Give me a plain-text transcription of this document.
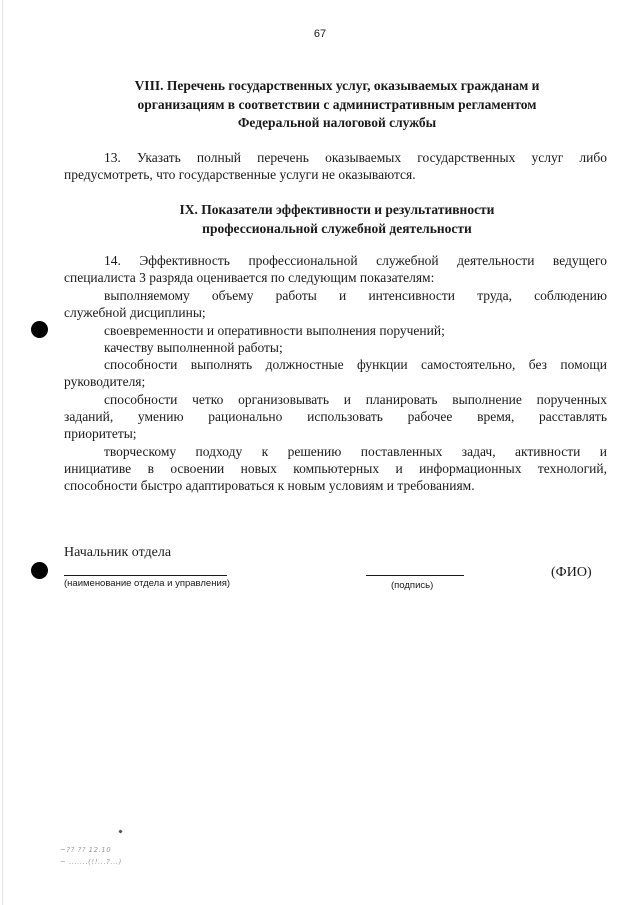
67
VIII. Перечень государственных услуг, оказываемых гражданам и
организациям в соответствии с административным регламентом
Федеральной налоговой службы
13. Указать полный перечень оказываемых государственных услуг либо
предусмотреть, что государственные услуги не оказываются.
IX. Показатели эффективности и результативности
профессиональной служебной деятельности
14. Эффективность профессиональной служебной деятельности ведущего
специалиста 3 разряда оценивается по следующим показателям:
выполняемому объему работы и интенсивности труда, соблюдению
служебной дисциплины;
своевременности и оперативности выполнения поручений;
качеству выполненной работы;
способности выполнять должностные функции самостоятельно, без помощи
руководителя;
способности четко организовывать и планировать выполнение порученных
заданий, умению рационально использовать рабочее время, расставлять
приоритеты;
творческому подходу к решению поставленных задач, активности и
инициативе в освоении новых компьютерных и информационных технологий,
способности быстро адаптироваться к новым условиям и требованиям.
Начальник отдела
(наименование отдела и управления)	(подпись)
(ФИО)
~?? ?? 12.10
~ .......(!!...?...)
